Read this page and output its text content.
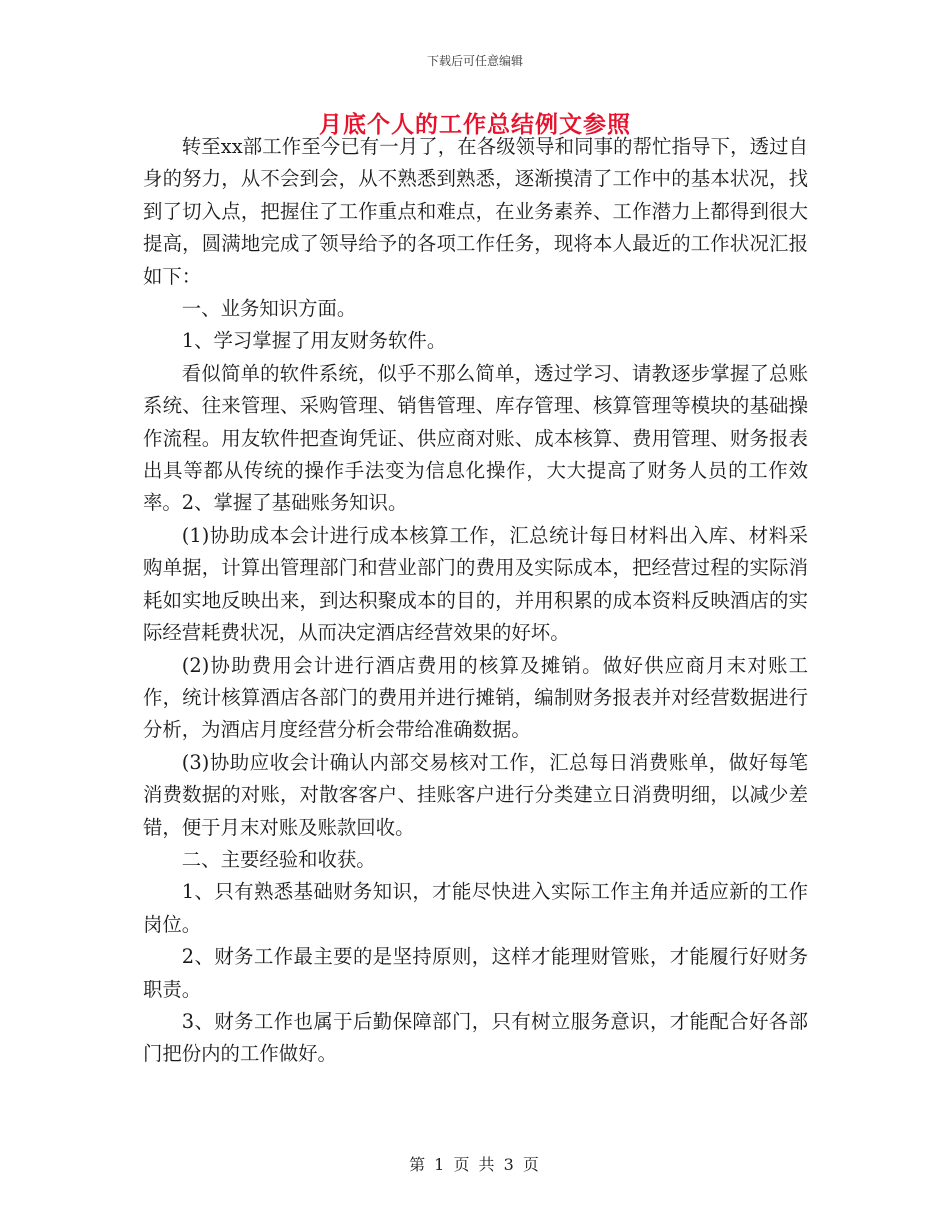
下载后可任意编辑
月底个人的工作总结例文参照

转至xx部工作至今已有一月了，在各级领导和同事的帮忙指导下，透过自身的努力，从不会到会，从不熟悉到熟悉，逐渐摸清了工作中的基本状况，找到了切入点，把握住了工作重点和难点，在业务素养、工作潜力上都得到很大提高，圆满地完成了领导给予的各项工作任务，现将本人最近的工作状况汇报如下：

一、业务知识方面。

1、学习掌握了用友财务软件。

看似简单的软件系统，似乎不那么简单，透过学习、请教逐步掌握了总账系统、往来管理、采购管理、销售管理、库存管理、核算管理等模块的基础操作流程。用友软件把查询凭证、供应商对账、成本核算、费用管理、财务报表出具等都从传统的操作手法变为信息化操作，大大提高了财务人员的工作效率。2、掌握了基础账务知识。

(1)协助成本会计进行成本核算工作，汇总统计每日材料出入库、材料采购单据，计算出管理部门和营业部门的费用及实际成本，把经营过程的实际消耗如实地反映出来，到达积聚成本的目的，并用积累的成本资料反映酒店的实际经营耗费状况，从而决定酒店经营效果的好坏。

(2)协助费用会计进行酒店费用的核算及摊销。做好供应商月末对账工作，统计核算酒店各部门的费用并进行摊销，编制财务报表并对经营数据进行分析，为酒店月度经营分析会带给准确数据。

(3)协助应收会计确认内部交易核对工作，汇总每日消费账单，做好每笔消费数据的对账，对散客客户、挂账客户进行分类建立日消费明细，以减少差错，便于月末对账及账款回收。

二、主要经验和收获。

1、只有熟悉基础财务知识，才能尽快进入实际工作主角并适应新的工作岗位。

2、财务工作最主要的是坚持原则，这样才能理财管账，才能履行好财务职责。

3、财务工作也属于后勤保障部门，只有树立服务意识，才能配合好各部门把份内的工作做好。

第 1 页 共 3 页
